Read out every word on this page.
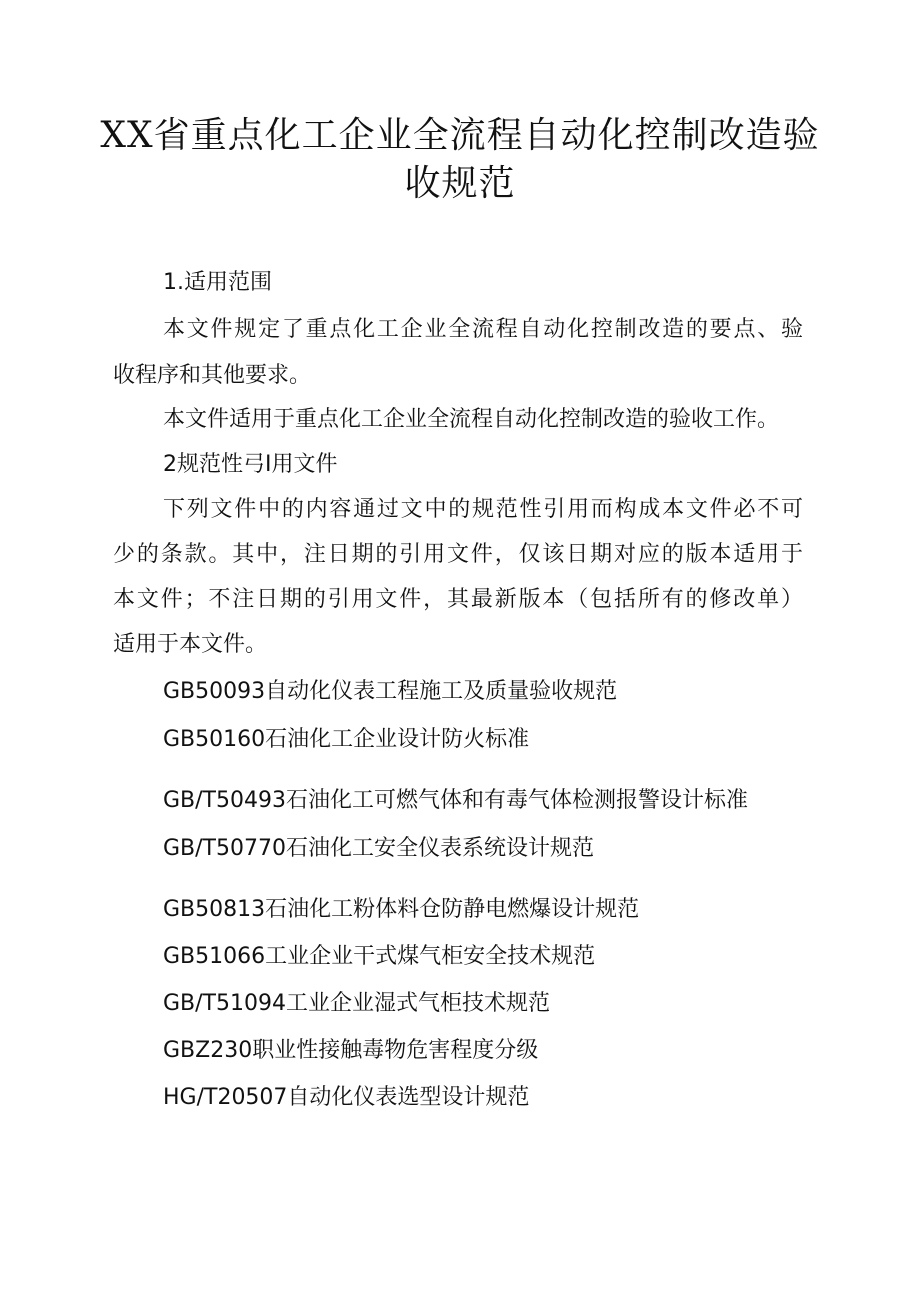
XX省重点化工企业全流程自动化控制改造验
收规范

1.适用范围

本文件规定了重点化工企业全流程自动化控制改造的要点、验

收程序和其他要求。

本文件适用于重点化工企业全流程自动化控制改造的验收工作。

2规范性弓I用文件

下列文件中的内容通过文中的规范性引用而构成本文件必不可

少的条款。其中，注日期的引用文件，仅该日期对应的版本适用于

本文件；不注日期的引用文件，其最新版本（包括所有的修改单）

适用于本文件。

GB50093自动化仪表工程施工及质量验收规范

GB50160石油化工企业设计防火标准

GB/T50493石油化工可燃气体和有毒气体检测报警设计标准

GB/T50770石油化工安全仪表系统设计规范

GB50813石油化工粉体料仓防静电燃爆设计规范

GB51066工业企业干式煤气柜安全技术规范

GB/T51094工业企业湿式气柜技术规范

GBZ230职业性接触毒物危害程度分级

HG/T20507自动化仪表选型设计规范
